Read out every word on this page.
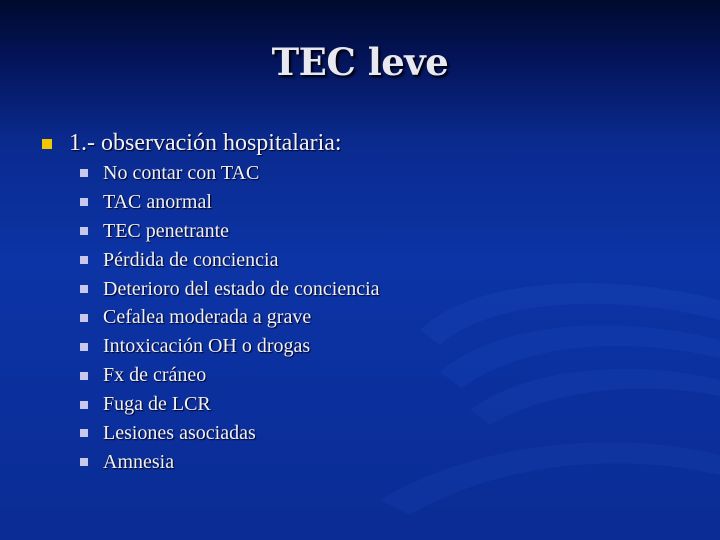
TEC leve
1.- observación hospitalaria:
No contar con TAC
TAC anormal
TEC penetrante
Pérdida de conciencia
Deterioro del estado de conciencia
Cefalea moderada a grave
Intoxicación OH o drogas
Fx de cráneo
Fuga de LCR
Lesiones asociadas
Amnesia
